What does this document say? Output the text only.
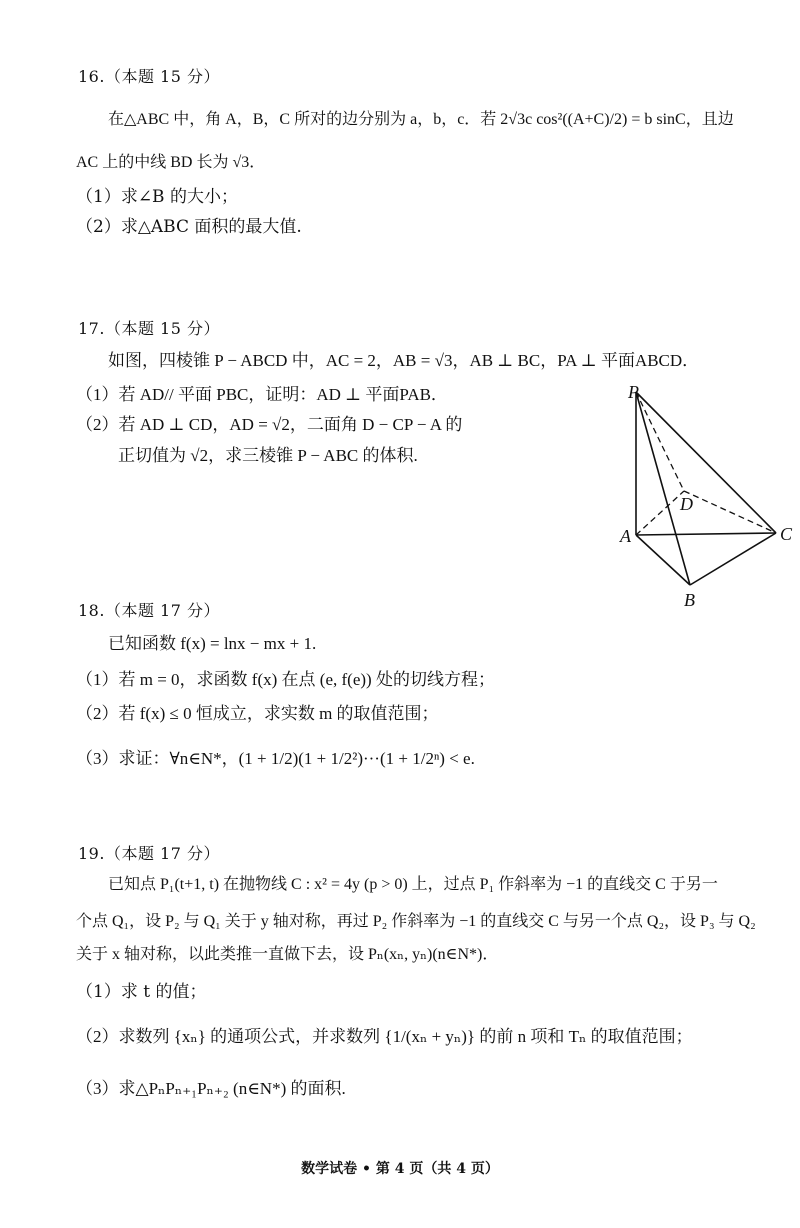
16.（本题 15 分）
在△ABC 中，角 A，B，C 所对的边分别为 a，b，c．若 2√3c cos²((A+C)/2) = b sinC，且边
AC 上的中线 BD 长为 √3．
（1）求∠B 的大小；
（2）求△ABC 面积的最大值.
17.（本题 15 分）
如图，四棱锥 P − ABCD 中，AC = 2，AB = √3，AB ⊥ BC，PA ⊥ 平面ABCD．
（1）若 AD// 平面 PBC，证明：AD ⊥ 平面PAB．
（2）若 AD ⊥ CD，AD = √2，二面角 D − CP − A 的
正切值为 √2，求三棱锥 P − ABC 的体积.
P
A
B
C
D
18.（本题 17 分）
已知函数 f(x) = lnx − mx + 1.
（1）若 m = 0，求函数 f(x) 在点 (e, f(e)) 处的切线方程；
（2）若 f(x) ≤ 0 恒成立，求实数 m 的取值范围；
（3）求证：∀n∈N*，(1 + 1/2)(1 + 1/2²)···(1 + 1/2ⁿ) < e.
19.（本题 17 分）
已知点 P₁(t+1, t) 在抛物线 C : x² = 4y (p > 0) 上，过点 P₁ 作斜率为 −1 的直线交 C 于另一
个点 Q₁，设 P₂ 与 Q₁ 关于 y 轴对称，再过 P₂ 作斜率为 −1 的直线交 C 与另一个点 Q₂，设 P₃ 与 Q₂
关于 x 轴对称，以此类推一直做下去，设 Pₙ(xₙ, yₙ)(n∈N*)．
（1）求 t 的值；
（2）求数列 {xₙ} 的通项公式，并求数列 {1/(xₙ + yₙ)} 的前 n 项和 Tₙ 的取值范围；
（3）求△PₙPₙ₊₁Pₙ₊₂ (n∈N*) 的面积.
数学试卷 • 第 4 页（共 4 页）
